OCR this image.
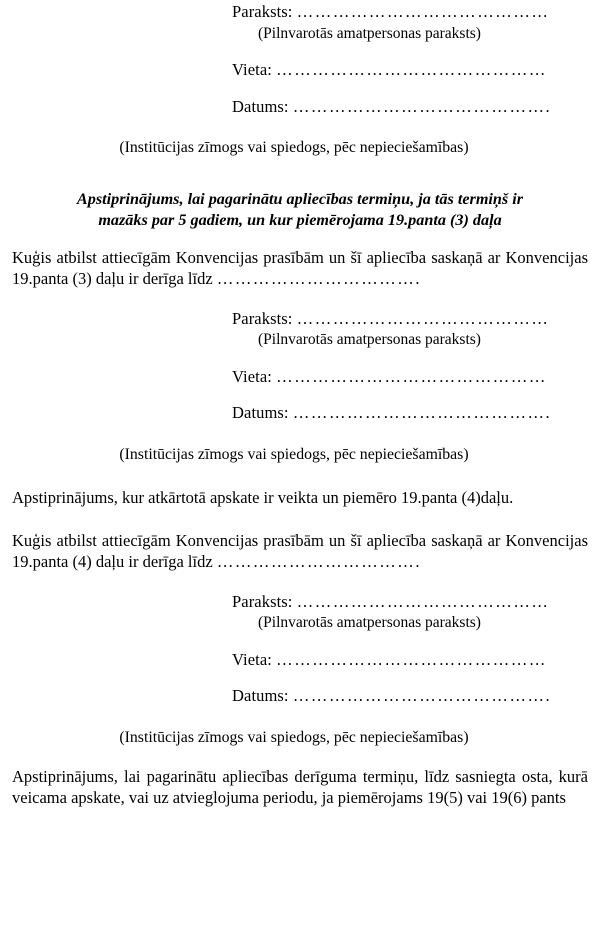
Paraksts: ……………………………………
(Pilnvarotās amatpersonas paraksts)
Vieta: ………………………………………
Datums: …………………………………….
(Institūcijas zīmogs vai spiedogs, pēc nepieciešamības)
Apstiprinājums, lai pagarinātu apliecības termiņu, ja tās termiņš ir
mazāks par 5 gadiem, un kur piemērojama 19.panta (3) daļa

Kuģis atbilst attiecīgām Konvencijas prasībām un šī apliecība saskaņā ar Konvencijas 19.panta (3) daļu ir derīga līdz …………………………….

Paraksts: ……………………………………
(Pilnvarotās amatpersonas paraksts)
Vieta: ………………………………………
Datums: …………………………………….
(Institūcijas zīmogs vai spiedogs, pēc nepieciešamības)

Apstiprinājums, kur atkārtotā apskate ir veikta un piemēro 19.panta (4)daļu.

Kuģis atbilst attiecīgām Konvencijas prasībām un šī apliecība saskaņā ar Konvencijas 19.panta (4) daļu ir derīga līdz …………………………….

Paraksts: ……………………………………
(Pilnvarotās amatpersonas paraksts)
Vieta: ………………………………………
Datums: …………………………………….
(Institūcijas zīmogs vai spiedogs, pēc nepieciešamības)

Apstiprinājums, lai pagarinātu apliecības derīguma termiņu, līdz sasniegta osta, kurā veicama apskate, vai uz atvieglojuma periodu, ja piemērojams 19(5) vai 19(6) pants
